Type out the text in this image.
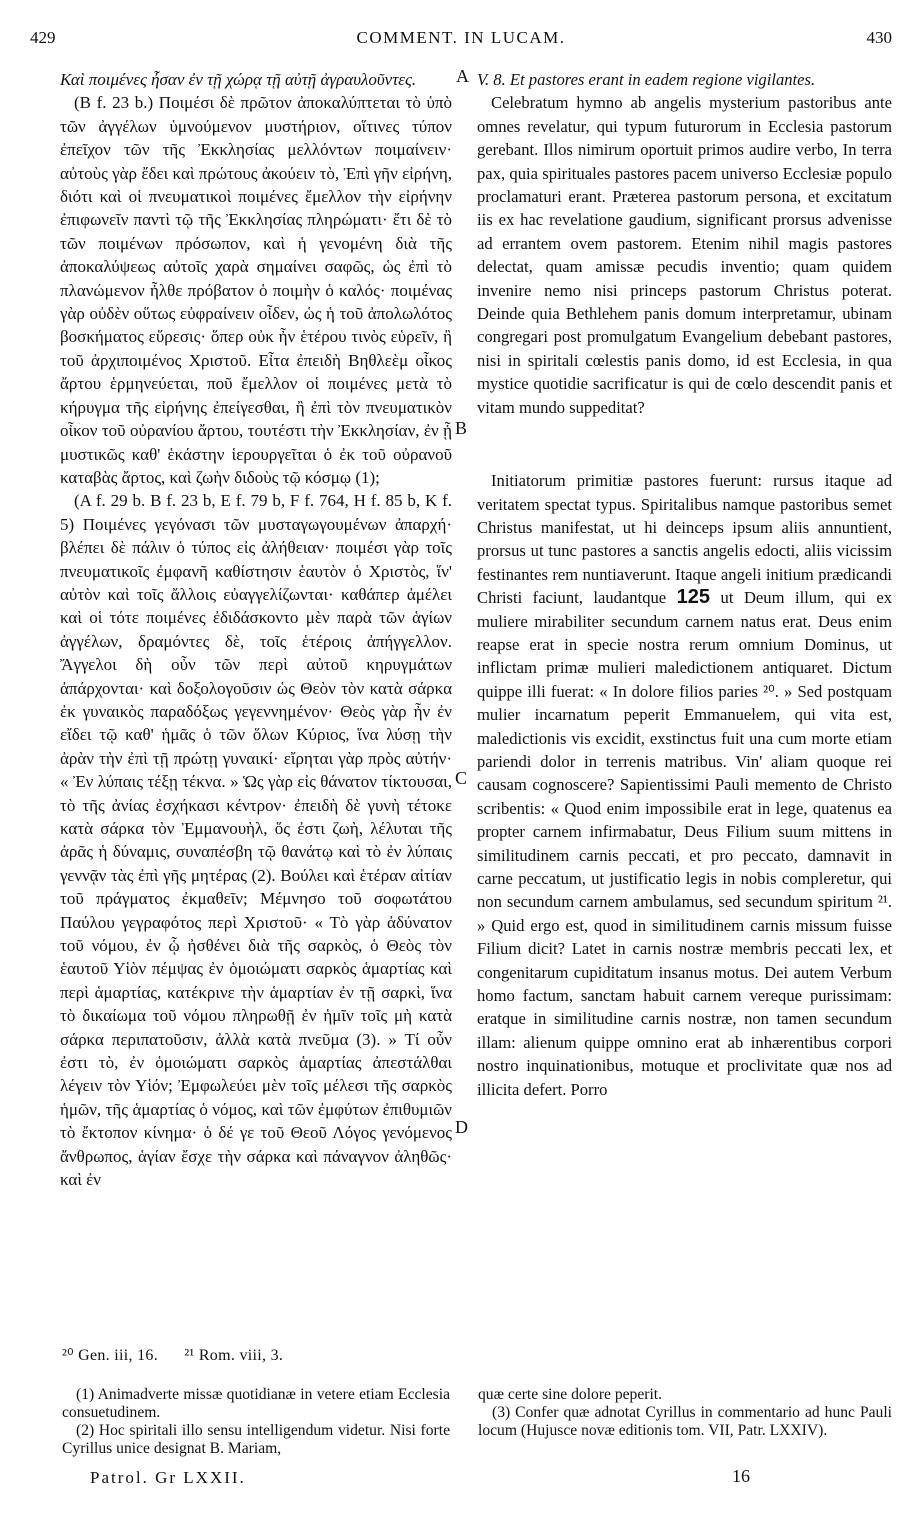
429	COMMENT. IN LUCAM.	430
A
B
C
D

Καὶ ποιμένες ἦσαν ἐν τῇ χώρᾳ τῇ αὐτῇ ἀγραυλοῦντες.

(B f. 23 b.) Ποιμέσι δὲ πρῶτον ἀποκαλύπτεται τὸ ὑπὸ τῶν ἀγγέλων ὑμνούμενον μυστήριον, οἵτινες τύπον ἐπεῖχον τῶν τῆς Ἐκκλησίας μελλόντων ποιμαίνειν· αὐτοὺς γὰρ ἔδει καὶ πρώτους ἀκούειν τὸ, Ἐπὶ γῆν εἰρήνη, διότι καὶ οἱ πνευματικοὶ ποιμένες ἔμελλον τὴν εἰρήνην ἐπιφωνεῖν παντὶ τῷ τῆς Ἐκκλησίας πληρώματι· ἔτι δὲ τὸ τῶν ποιμένων πρόσωπον, καὶ ἡ γενομένη διὰ τῆς ἀποκαλύψεως αὐτοῖς χαρὰ σημαίνει σαφῶς, ὡς ἐπὶ τὸ πλανώμενον ἦλθε πρόβατον ὁ ποιμὴν ὁ καλός· ποιμένας γὰρ οὐδὲν οὕτως εὐφραίνειν οἶδεν, ὡς ἡ τοῦ ἀπολωλότος βοσκήματος εὕρεσις· ὅπερ οὐκ ἦν ἑτέρου τινὸς εὑρεῖν, ἢ τοῦ ἀρχιποιμένος Χριστοῦ. Εἶτα ἐπειδὴ Βηθλεὲμ οἶκος ἄρτου ἑρμηνεύεται, ποῦ ἔμελλον οἱ ποιμένες μετὰ τὸ κήρυγμα τῆς εἰρήνης ἐπείγεσθαι, ἢ ἐπὶ τὸν πνευματικὸν οἶκον τοῦ οὐρανίου ἄρτου, τουτέστι τὴν Ἐκκλησίαν, ἐν ᾗ μυστικῶς καθ' ἑκάστην ἱερουργεῖται ὁ ἐκ τοῦ οὐρανοῦ καταβὰς ἄρτος, καὶ ζωὴν διδοὺς τῷ κόσμῳ (1);

(A f. 29 b. B f. 23 b, E f. 79 b, F f. 764, H f. 85 b, K f. 5) Ποιμένες γεγόνασι τῶν μυσταγωγουμένων ἀπαρχή· βλέπει δὲ πάλιν ὁ τύπος εἰς ἀλήθειαν· ποιμέσι γὰρ τοῖς πνευματικοῖς ἐμφανῆ καθίστησιν ἑαυτὸν ὁ Χριστὸς, ἵν' αὐτὸν καὶ τοῖς ἄλλοις εὐαγγελίζωνται· καθάπερ ἀμέλει καὶ οἱ τότε ποιμένες ἐδιδάσκοντο μὲν παρὰ τῶν ἁγίων ἀγγέλων, δραμόντες δὲ, τοῖς ἑτέροις ἀπήγγελλον. Ἄγγελοι δὴ οὖν τῶν περὶ αὐτοῦ κηρυγμάτων ἀπάρχονται· καὶ δοξολογοῦσιν ὡς Θεὸν τὸν κατὰ σάρκα ἐκ γυναικὸς παραδόξως γεγεννημένον· Θεὸς γὰρ ἦν ἐν εἴδει τῷ καθ' ἡμᾶς ὁ τῶν ὅλων Κύριος, ἵνα λύσῃ τὴν ἀρὰν τὴν ἐπὶ τῇ πρώτῃ γυναικί· εἴρηται γὰρ πρὸς αὐτήν· « Ἐν λύπαις τέξῃ τέκνα. » Ὡς γὰρ εἰς θάνατον τίκτουσαι, τὸ τῆς ἀνίας ἐσχήκασι κέντρον· ἐπειδὴ δὲ γυνὴ τέτοκε κατὰ σάρκα τὸν Ἐμμανουὴλ, ὅς ἐστι ζωὴ, λέλυται τῆς ἀρᾶς ἡ δύναμις, συναπέσβη τῷ θανάτῳ καὶ τὸ ἐν λύπαις γεννᾷν τὰς ἐπὶ γῆς μητέρας (2). Βούλει καὶ ἑτέραν αἰτίαν τοῦ πράγματος ἐκμαθεῖν; Μέμνησο τοῦ σοφωτάτου Παύλου γεγραφότος περὶ Χριστοῦ· « Τὸ γὰρ ἀδύνατον τοῦ νόμου, ἐν ᾧ ἠσθένει διὰ τῆς σαρκὸς, ὁ Θεὸς τὸν ἑαυτοῦ Υἱὸν πέμψας ἐν ὁμοιώματι σαρκὸς ἁμαρτίας καὶ περὶ ἁμαρτίας, κατέκρινε τὴν ἁμαρτίαν ἐν τῇ σαρκὶ, ἵνα τὸ δικαίωμα τοῦ νόμου πληρωθῇ ἐν ἡμῖν τοῖς μὴ κατὰ σάρκα περιπατοῦσιν, ἀλλὰ κατὰ πνεῦμα (3). » Τί οὖν ἐστι τὸ, ἐν ὁμοιώματι σαρκὸς ἁμαρτίας ἀπεστάλθαι λέγειν τὸν Υἱόν; Ἐμφωλεύει μὲν τοῖς μέλεσι τῆς σαρκὸς ἡμῶν, τῆς ἁμαρτίας ὁ νόμος, καὶ τῶν ἐμφύτων ἐπιθυμιῶν τὸ ἔκτοπον κίνημα· ὁ δέ γε τοῦ Θεοῦ Λόγος γενόμενος ἄνθρωπος, ἁγίαν ἔσχε τὴν σάρκα καὶ πάναγνον ἀληθῶς· καὶ ἐν

V. 8. Et pastores erant in eadem regione vigilantes.

Celebratum hymno ab angelis mysterium pastoribus ante omnes revelatur, qui typum futurorum in Ecclesia pastorum gerebant. Illos nimirum oportuit primos audire verbo, In terra pax, quia spirituales pastores pacem universo Ecclesiæ populo proclamaturi erant. Præterea pastorum persona, et excitatum iis ex hac revelatione gaudium, significant prorsus advenisse ad errantem ovem pastorem. Etenim nihil magis pastores delectat, quam amissæ pecudis inventio; quam quidem invenire nemo nisi princeps pastorum Christus poterat. Deinde quia Bethlehem panis domum interpretamur, ubinam congregari post promulgatum Evangelium debebant pastores, nisi in spiritali cœlestis panis domo, id est Ecclesia, in qua mystice quotidie sacrificatur is qui de cœlo descendit panis et vitam mundo suppeditat?

Initiatorum primitiæ pastores fuerunt: rursus itaque ad veritatem spectat typus. Spiritalibus namque pastoribus semet Christus manifestat, ut hi deinceps ipsum aliis annuntient, prorsus ut tunc pastores a sanctis angelis edocti, aliis vicissim festinantes rem nuntiaverunt. Itaque angeli initium prædicandi Christi faciunt, laudantque 125 ut Deum illum, qui ex muliere mirabiliter secundum carnem natus erat. Deus enim reapse erat in specie nostra rerum omnium Dominus, ut inflictam primæ mulieri maledictionem antiquaret. Dictum quippe illi fuerat: « In dolore filios paries ²⁰. » Sed postquam mulier incarnatum peperit Emmanuelem, qui vita est, maledictionis vis excidit, exstinctus fuit una cum morte etiam pariendi dolor in terrenis matribus. Vin' aliam quoque rei causam cognoscere? Sapientissimi Pauli memento de Christo scribentis: « Quod enim impossibile erat in lege, quatenus ea propter carnem infirmabatur, Deus Filium suum mittens in similitudinem carnis peccati, et pro peccato, damnavit in carne peccatum, ut justificatio legis in nobis compleretur, qui non secundum carnem ambulamus, sed secundum spiritum ²¹. » Quid ergo est, quod in similitudinem carnis missum fuisse Filium dicit? Latet in carnis nostræ membris peccati lex, et congenitarum cupiditatum insanus motus. Dei autem Verbum homo factum, sanctam habuit carnem vereque purissimam: eratque in similitudine carnis nostræ, non tamen secundum illam: alienum quippe omnino erat ab inhærentibus corpori nostro inquinationibus, motuque et proclivitate quæ nos ad illicita defert. Porro

²⁰ Gen. iii, 16. ²¹ Rom. viii, 3.

(1) Animadverte missæ quotidianæ in vetere etiam Ecclesia consuetudinem.

(2) Hoc spiritali illo sensu intelligendum videtur. Nisi forte Cyrillus unice designat B. Mariam,

quæ certe sine dolore peperit.

(3) Confer quæ adnotat Cyrillus in commentario ad hunc Pauli locum (Hujusce novæ editionis tom. VII, Patr. LXXIV).

Patrol. Gr LXXII.	16
